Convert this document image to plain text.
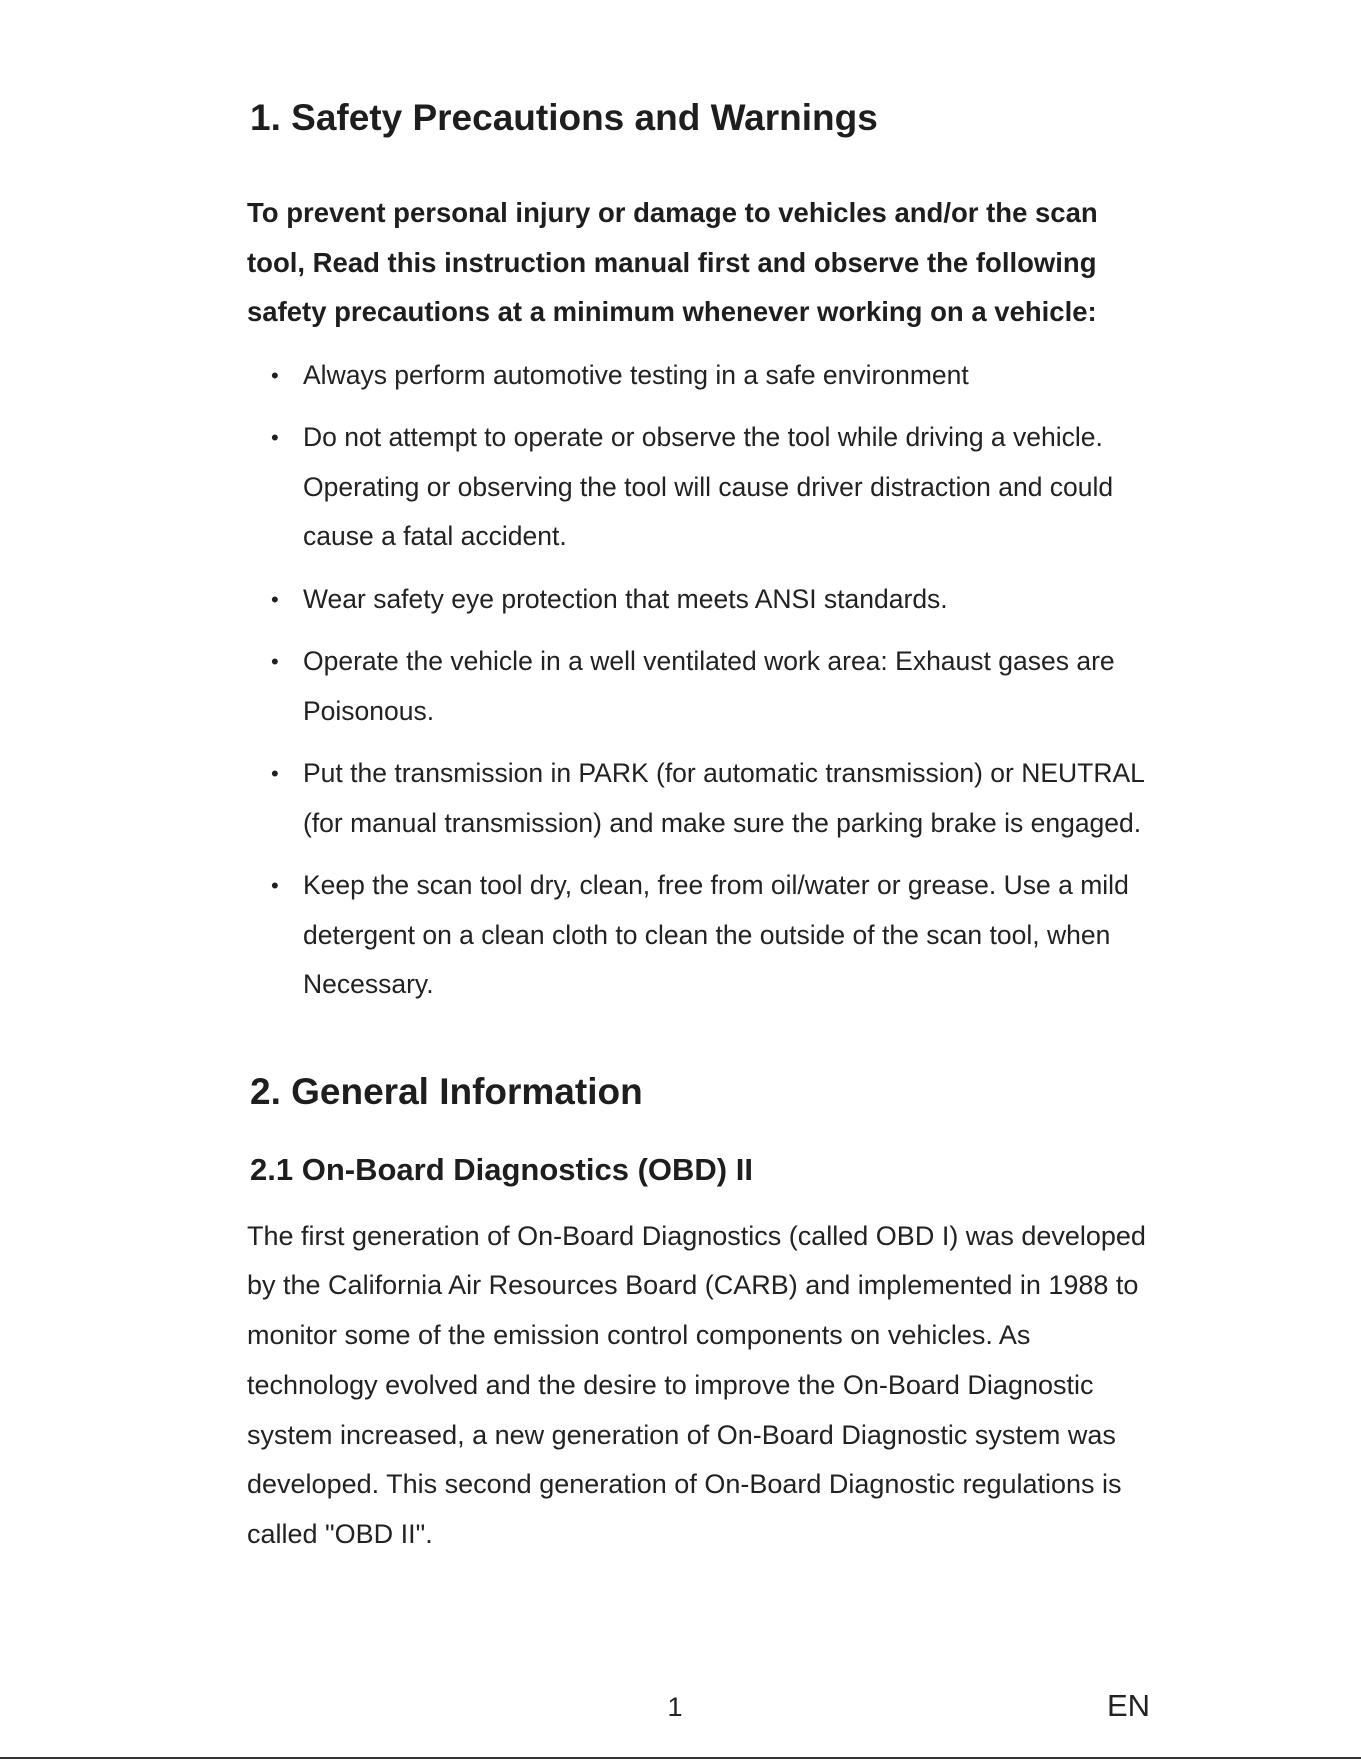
1. Safety Precautions and Warnings

To prevent personal injury or damage to vehicles and/or the scan tool, Read this instruction manual first and observe the following safety precautions at a minimum whenever working on a vehicle:

• Always perform automotive testing in a safe environment
• Do not attempt to operate or observe the tool while driving a vehicle. Operating or observing the tool will cause driver distraction and could cause a fatal accident.
• Wear safety eye protection that meets ANSI standards.
• Operate the vehicle in a well ventilated work area: Exhaust gases are Poisonous.
• Put the transmission in PARK (for automatic transmission) or NEUTRAL (for manual transmission) and make sure the parking brake is engaged.
• Keep the scan tool dry, clean, free from oil/water or grease. Use a mild detergent on a clean cloth to clean the outside of the scan tool, when Necessary.
2. General Information
2.1 On-Board Diagnostics (OBD) II

The first generation of On-Board Diagnostics (called OBD I) was developed by the California Air Resources Board (CARB) and implemented in 1988 to monitor some of the emission control components on vehicles. As technology evolved and the desire to improve the On-Board Diagnostic system increased, a new generation of On-Board Diagnostic system was developed. This second generation of On-Board Diagnostic regulations is called "OBD II".

1	EN
